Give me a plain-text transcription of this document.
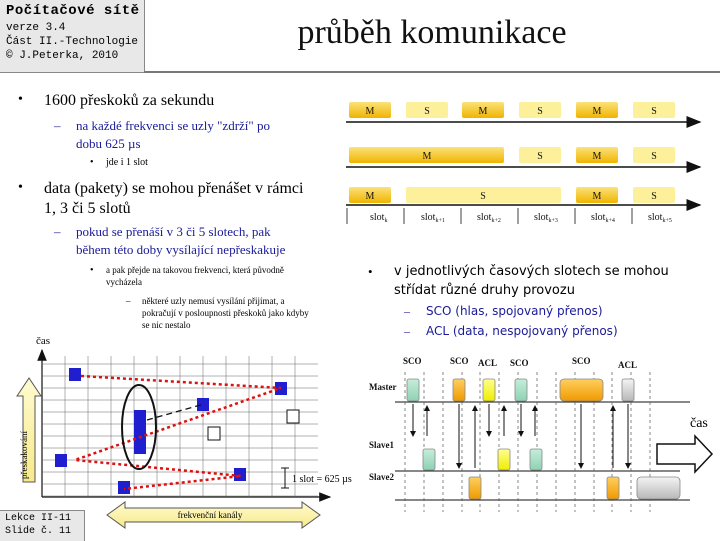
Počítačové sítě
verze 3.4
Část II.-Technologie
© J.Peterka, 2010
průběh komunikace
• 1600 přeskoků za sekundu
– na každé frekvenci se uzly "zdrží" po
dobu 625 µs
• jde i 1 slot
• data (pakety) se mohou přenášet v rámci
1, 3 či 5 slotů
– pokud se přenáší v 3 či 5 slotech, pak
během této doby vysílající nepřeskakuje
• a pak přejde na takovou frekvenci, která původně
vycházela
– některé uzly nemusí vysílání přijímat, a
pokračují v posloupnosti přeskoků jako kdyby
se nic nestalo
• v jednotlivých časových slotech se mohou
střídat různé druhy provozu
– SCO (hlas, spojovaný přenos)
– ACL (data, nespojovaný přenos)
M	S	M	S	M	S
M	S	M	S
M	S	M	S
slot$_k$	slot$_{k+1}$	slot$_{k+2}$	slot$_{k+3}$	slot$_{k+4}$	slot$_{k+5}$
čas
přeskakování
frekvenční kanály
1 slot = 625 µs
Lekce II-11
Slide č. 11
SCO	SCO ACL SCO	SCO	ACL
Master
Slave1
Slave2
čas
